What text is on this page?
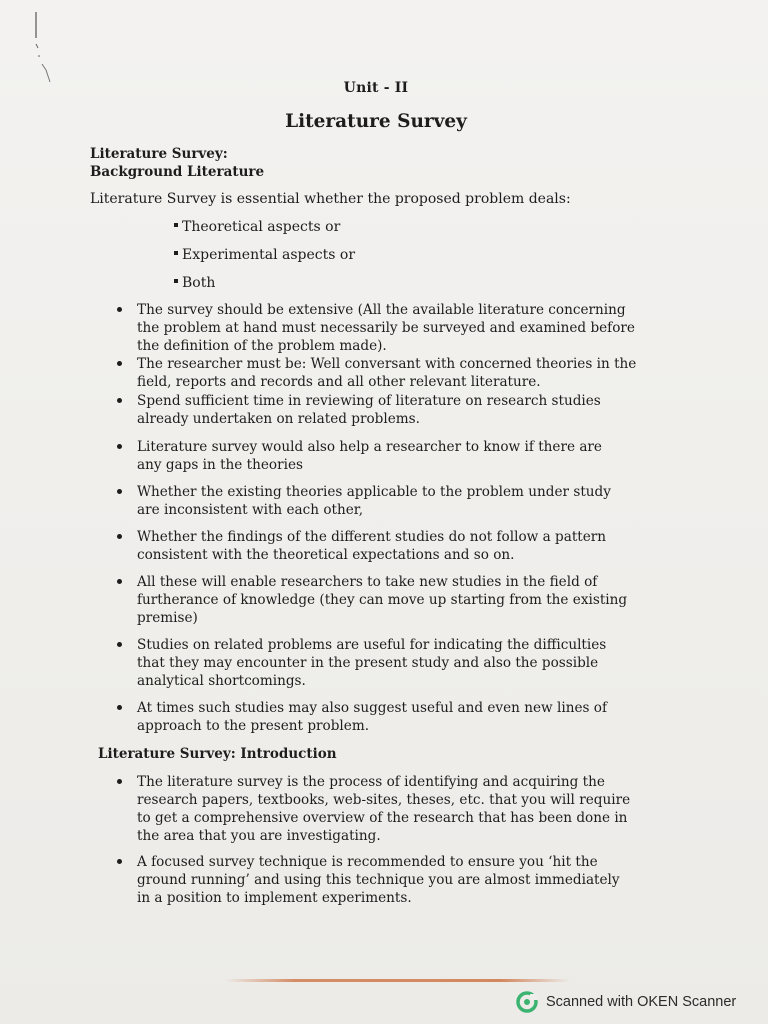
Unit - II
Literature Survey
Literature Survey:
Background Literature
Literature Survey is essential whether the proposed problem deals:
Theoretical aspects or
Experimental aspects or
Both
The survey should be extensive (All the available literature concerning
the problem at hand must necessarily be surveyed and examined before
the definition of the problem made).
The researcher must be: Well conversant with concerned theories in the
field, reports and records and all other relevant literature.
Spend sufficient time in reviewing of literature on research studies
already undertaken on related problems.
Literature survey would also help a researcher to know if there are
any gaps in the theories
Whether the existing theories applicable to the problem under study
are inconsistent with each other,
Whether the findings of the different studies do not follow a pattern
consistent with the theoretical expectations and so on.
All these will enable researchers to take new studies in the field of
furtherance of knowledge (they can move up starting from the existing
premise)
Studies on related problems are useful for indicating the difficulties
that they may encounter in the present study and also the possible
analytical shortcomings.
At times such studies may also suggest useful and even new lines of
approach to the present problem.
Literature Survey: Introduction
The literature survey is the process of identifying and acquiring the
research papers, textbooks, web-sites, theses, etc. that you will require
to get a comprehensive overview of the research that has been done in
the area that you are investigating.
A focused survey technique is recommended to ensure you ‘hit the
ground running’ and using this technique you are almost immediately
in a position to implement experiments.
Scanned with OKEN Scanner
